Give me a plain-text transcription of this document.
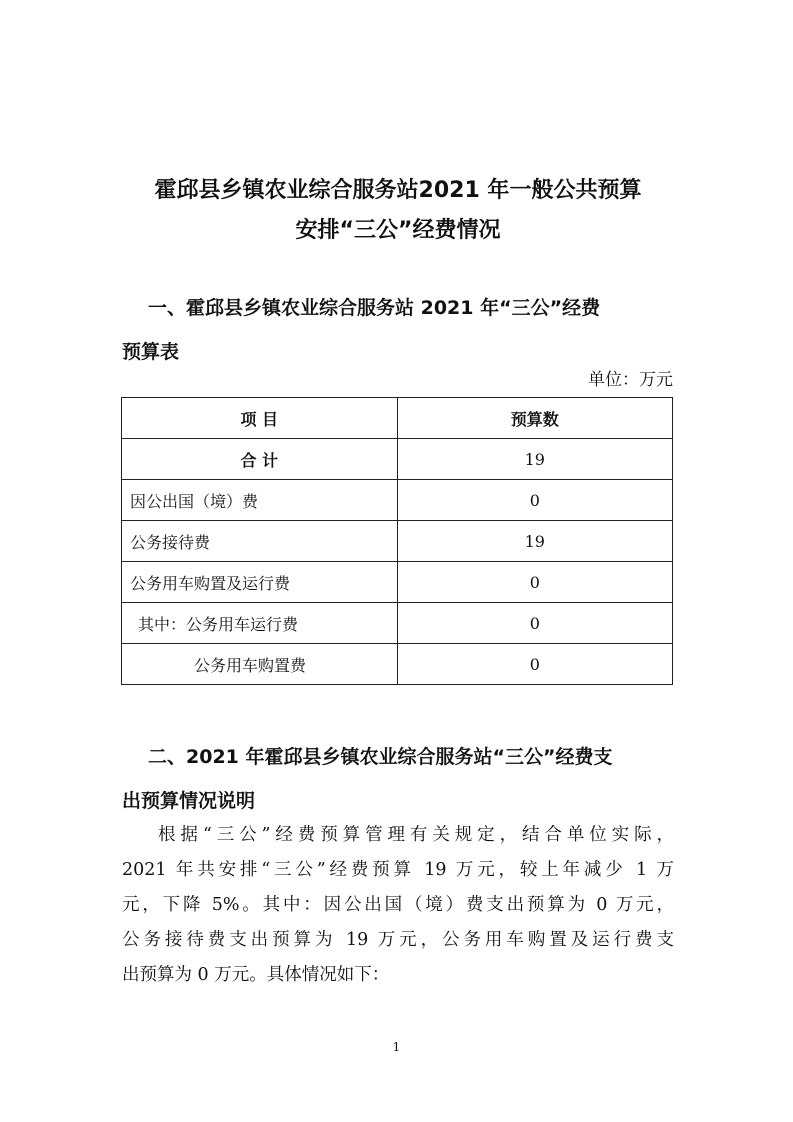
霍邱县乡镇农业综合服务站2021 年一般公共预算
安排“三公”经费情况
一、霍邱县乡镇农业综合服务站 2021 年“三公”经费
预算表
单位：万元
项 目	预算数
合 计	19
因公出国（境）费	0
公务接待费	19
公务用车购置及运行费	0
其中：公务用车运行费	0
公务用车购置费	0
二、2021 年霍邱县乡镇农业综合服务站“三公”经费支
出预算情况说明

根据“三公”经费预算管理有关规定，结合单位实际，
2021 年共安排“三公”经费预算 19 万元，较上年减少 1 万
元，下降 5%。其中：因公出国（境）费支出预算为 0 万元，
公务接待费支出预算为 19 万元，公务用车购置及运行费支
出预算为 0 万元。具体情况如下：

1
